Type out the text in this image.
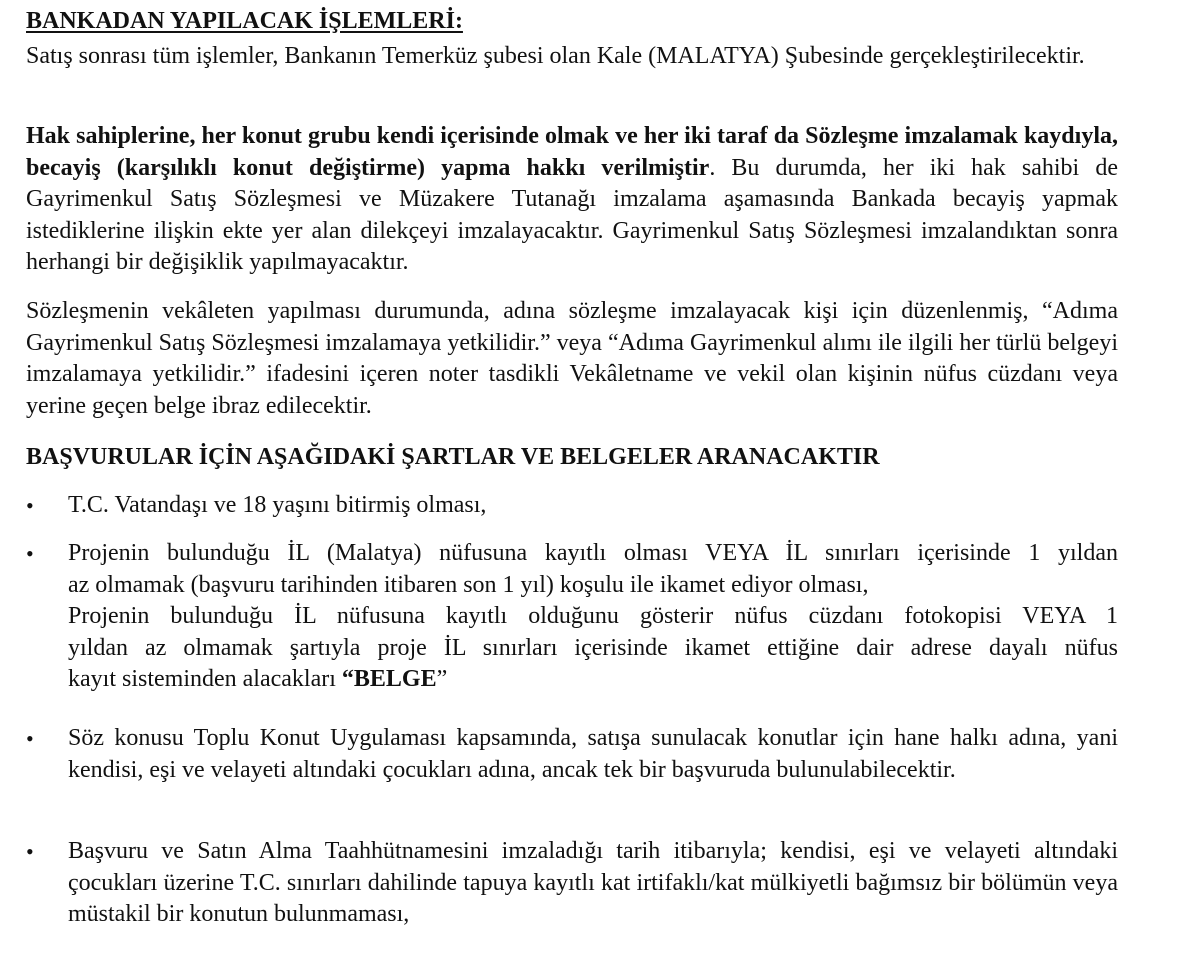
BANKADAN YAPILACAK İŞLEMLERİ:
Satış sonrası tüm işlemler, Bankanın Temerküz şubesi olan Kale (MALATYA) Şubesinde gerçekleştirilecektir.
Hak sahiplerine, her konut grubu kendi içerisinde olmak ve her iki taraf da Sözleşme imzalamak kaydıyla, becayiş (karşılıklı konut değiştirme) yapma hakkı verilmiştir. Bu durumda, her iki hak sahibi de Gayrimenkul Satış Sözleşmesi ve Müzakere Tutanağı imzalama aşamasında Bankada becayiş yapmak istediklerine ilişkin ekte yer alan dilekçeyi imzalayacaktır. Gayrimenkul Satış Sözleşmesi imzalandıktan sonra herhangi bir değişiklik yapılmayacaktır.
Sözleşmenin vekâleten yapılması durumunda, adına sözleşme imzalayacak kişi için düzenlenmiş, “Adıma Gayrimenkul Satış Sözleşmesi imzalamaya yetkilidir.” veya “Adıma Gayrimenkul alımı ile ilgili her türlü belgeyi imzalamaya yetkilidir.” ifadesini içeren noter tasdikli Vekâletname ve vekil olan kişinin nüfus cüzdanı veya yerine geçen belge ibraz edilecektir.
BAŞVURULAR İÇİN AŞAĞIDAKİ ŞARTLAR VE BELGELER ARANACAKTIR
•	T.C. Vatandaşı ve 18 yaşını bitirmiş olması,
•	Projenin bulunduğu İL (Malatya) nüfusuna kayıtlı olması VEYA İL sınırları içerisinde 1 yıldan
az olmamak (başvuru tarihinden itibaren son 1 yıl) koşulu ile ikamet ediyor olması,
Projenin bulunduğu İL nüfusuna kayıtlı olduğunu gösterir nüfus cüzdanı fotokopisi VEYA 1
yıldan az olmamak şartıyla proje İL sınırları içerisinde ikamet ettiğine dair adrese dayalı nüfus
kayıt sisteminden alacakları “BELGE”
•	Söz konusu Toplu Konut Uygulaması kapsamında, satışa sunulacak konutlar için hane halkı adına, yani kendisi, eşi ve velayeti altındaki çocukları adına, ancak tek bir başvuruda bulunulabilecektir.
•	Başvuru ve Satın Alma Taahhütnamesini imzaladığı tarih itibarıyla; kendisi, eşi ve velayeti altındaki çocukları üzerine T.C. sınırları dahilinde tapuya kayıtlı kat irtifaklı/kat mülkiyetli bağımsız bir bölümün veya müstakil bir konutun bulunmaması,
